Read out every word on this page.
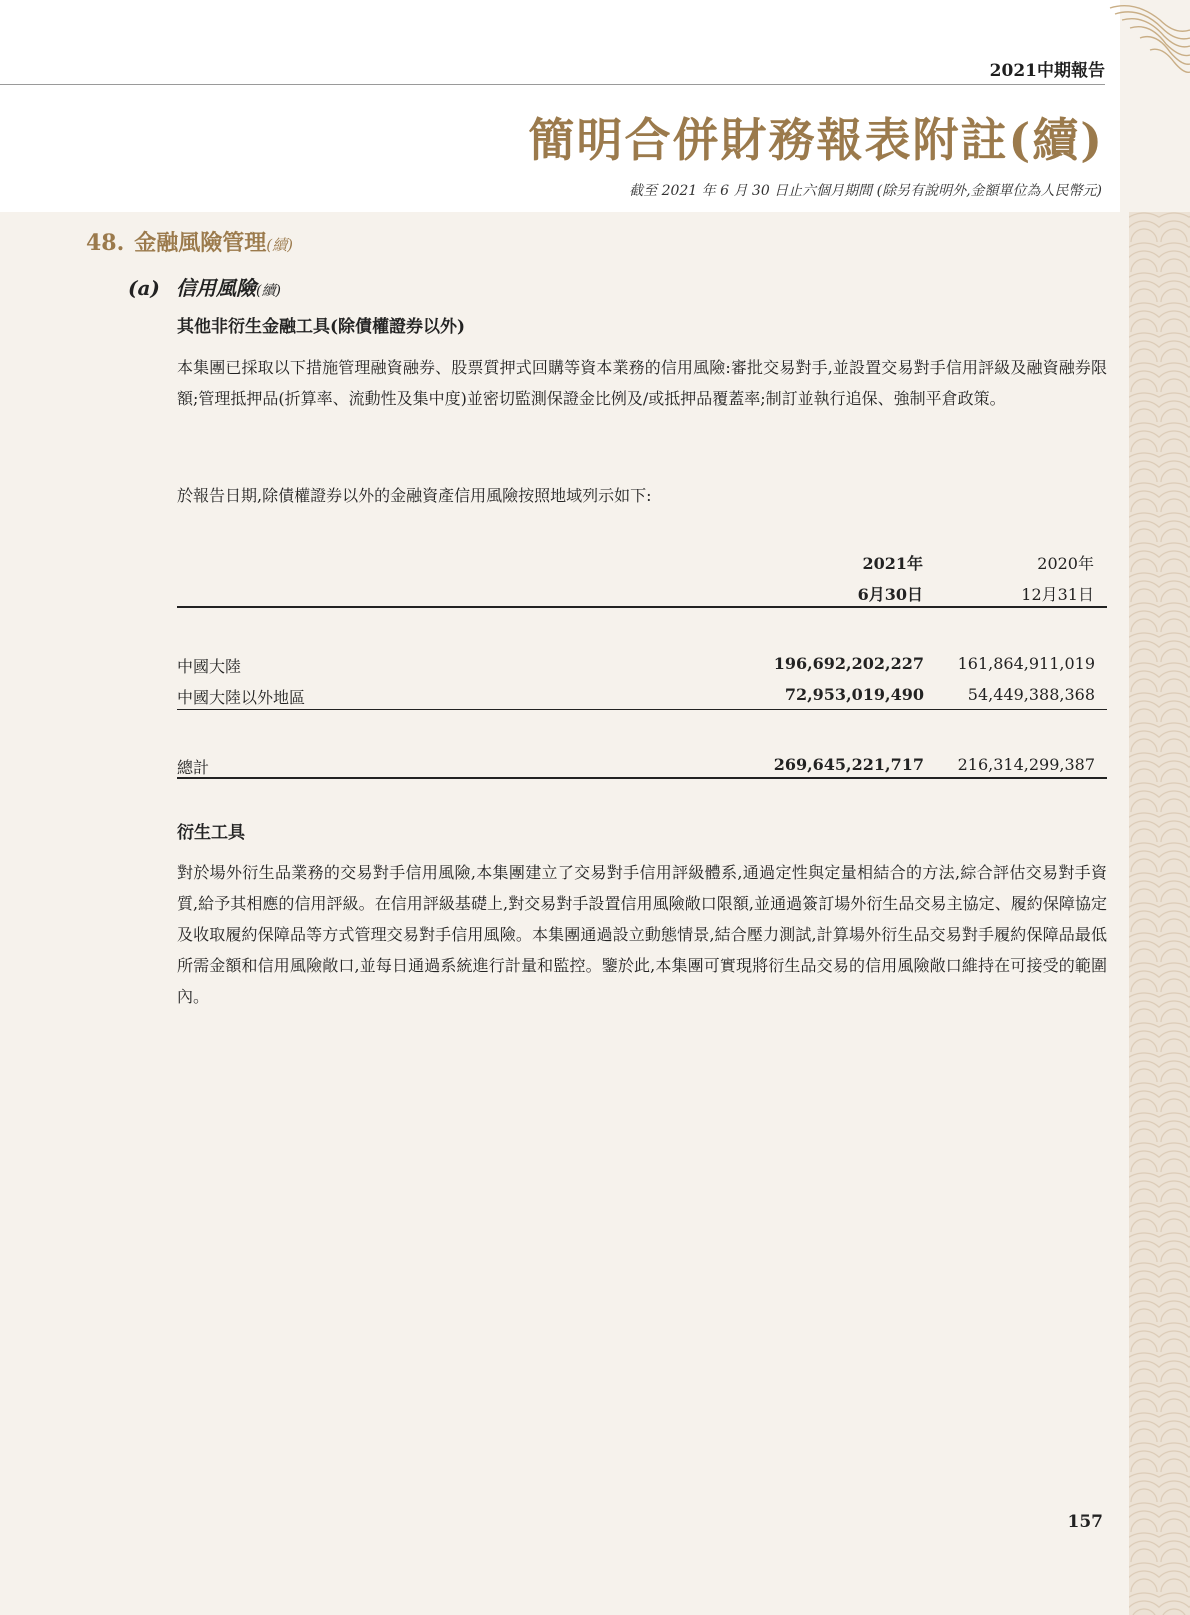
2021中期報告
簡明合併財務報表附註(續)
截至 2021 年 6 月 30 日止六個月期間 (除另有說明外,金額單位為人民幣元)
48. 金融風險管理(續)
(a) 信用風險(續)
其他非衍生金融工具(除債權證券以外)

本集團已採取以下措施管理融資融券、股票質押式回購等資本業務的信用風險:審批交易對手,並設置交易對手信用評級及融資融券限額;管理抵押品(折算率、流動性及集中度)並密切監測保證金比例及/或抵押品覆蓋率;制訂並執行追保、強制平倉政策。

於報告日期,除債權證券以外的金融資產信用風險按照地域列示如下:

2021年
6月30日
2020年
12月31日
中國大陸	196,692,202,227 161,864,911,019
中國大陸以外地區	72,953,019,490	54,449,388,368
總計	269,645,221,717 216,314,299,387
衍生工具

對於場外衍生品業務的交易對手信用風險,本集團建立了交易對手信用評級體系,通過定性與定量相結合的方法,綜合評估交易對手資質,給予其相應的信用評級。在信用評級基礎上,對交易對手設置信用風險敞口限額,並通過簽訂場外衍生品交易主協定、履約保障協定及收取履約保障品等方式管理交易對手信用風險。本集團通過設立動態情景,結合壓力測試,計算場外衍生品交易對手履約保障品最低所需金額和信用風險敞口,並每日通過系統進行計量和監控。鑒於此,本集團可實現將衍生品交易的信用風險敞口維持在可接受的範圍內。

157
